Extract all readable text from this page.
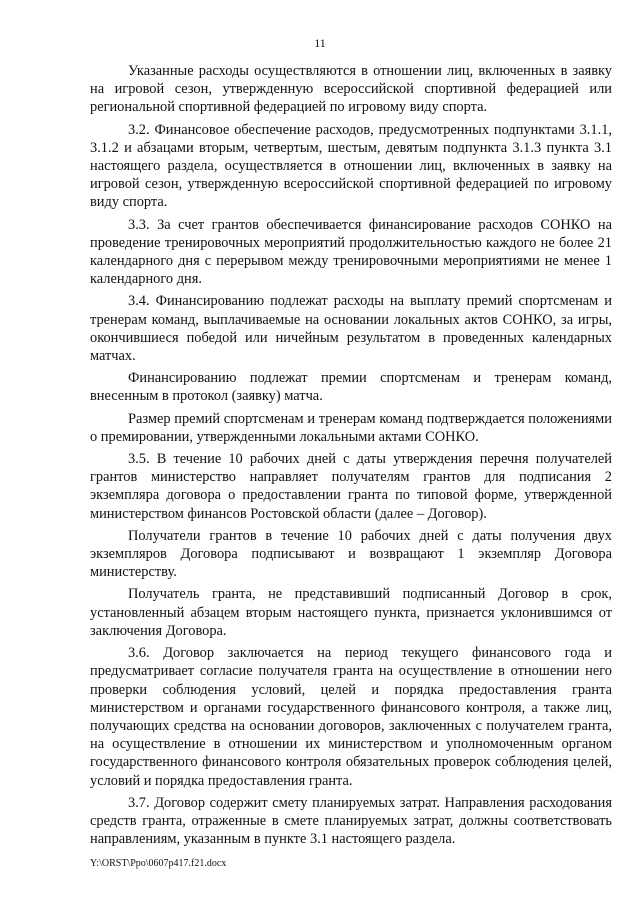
11

Указанные расходы осуществляются в отношении лиц, включенных в заявку на игровой сезон, утвержденную всероссийской спортивной федерацией или региональной спортивной федерацией по игровому виду спорта.

3.2. Финансовое обеспечение расходов, предусмотренных подпунктами 3.1.1, 3.1.2 и абзацами вторым, четвертым, шестым, девятым подпункта 3.1.3 пункта 3.1 настоящего раздела, осуществляется в отношении лиц, включенных в заявку на игровой сезон, утвержденную всероссийской спортивной федерацией по игровому виду спорта.

3.3. За счет грантов обеспечивается финансирование расходов СОНКО на проведение тренировочных мероприятий продолжительностью каждого не более 21 календарного дня с перерывом между тренировочными мероприятиями не менее 1 календарного дня.

3.4. Финансированию подлежат расходы на выплату премий спортсменам и тренерам команд, выплачиваемые на основании локальных актов СОНКО, за игры, окончившиеся победой или ничейным результатом в проведенных календарных матчах.

Финансированию подлежат премии спортсменам и тренерам команд, внесенным в протокол (заявку) матча.

Размер премий спортсменам и тренерам команд подтверждается положениями о премировании, утвержденными локальными актами СОНКО.

3.5. В течение 10 рабочих дней с даты утверждения перечня получателей грантов министерство направляет получателям грантов для подписания 2 экземпляра договора о предоставлении гранта по типовой форме, утвержденной министерством финансов Ростовской области (далее – Договор).

Получатели грантов в течение 10 рабочих дней с даты получения двух экземпляров Договора подписывают и возвращают 1 экземпляр Договора министерству.

Получатель гранта, не представивший подписанный Договор в срок, установленный абзацем вторым настоящего пункта, признается уклонившимся от заключения Договора.

3.6. Договор заключается на период текущего финансового года и предусматривает согласие получателя гранта на осуществление в отношении него проверки соблюдения условий, целей и порядка предоставления гранта министерством и органами государственного финансового контроля, а также лиц, получающих средства на основании договоров, заключенных с получателем гранта, на осуществление в отношении их министерством и уполномоченным органом государственного финансового контроля обязательных проверок соблюдения целей, условий и порядка предоставления гранта.

3.7. Договор содержит смету планируемых затрат. Направления расходования средств гранта, отраженные в смете планируемых затрат, должны соответствовать направлениям, указанным в пункте 3.1 настоящего раздела.

Y:\ORST\Ppo\0607p417.f21.docx
